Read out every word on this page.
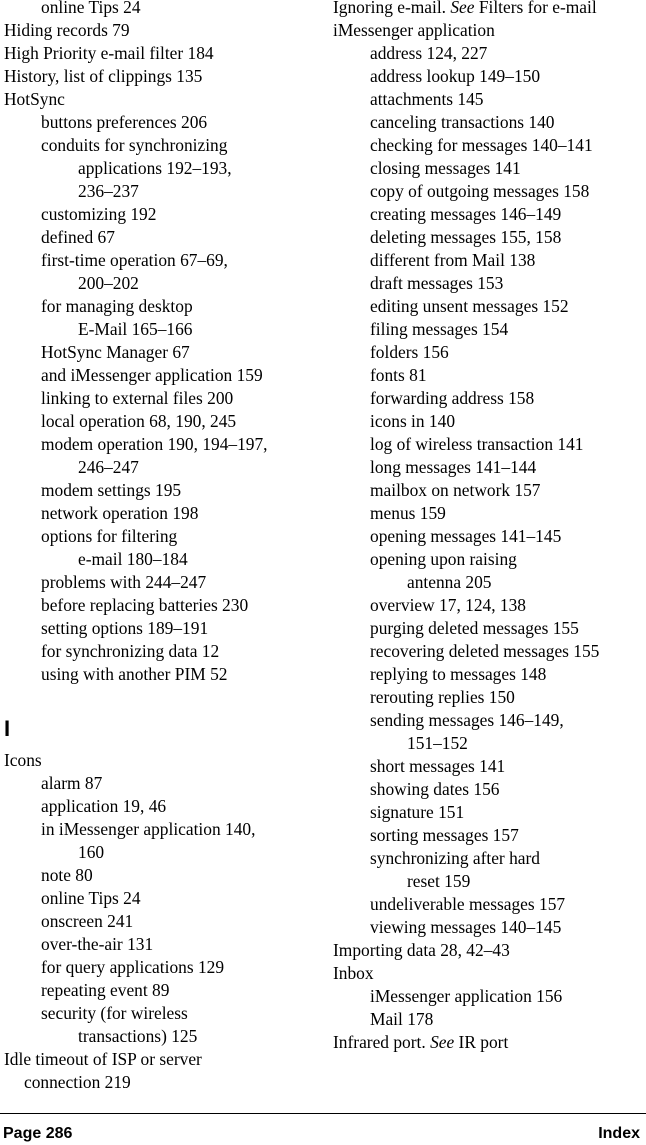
online Tips 24
Hiding records 79
High Priority e-mail filter 184
History, list of clippings 135
HotSync
buttons preferences 206
conduits for synchronizing
applications 192–193,
236–237
customizing 192
defined 67
first-time operation 67–69,
200–202
for managing desktop
E-Mail 165–166
HotSync Manager 67
and iMessenger application 159
linking to external files 200
local operation 68, 190, 245
modem operation 190, 194–197,
246–247
modem settings 195
network operation 198
options for filtering
e-mail 180–184
problems with 244–247
before replacing batteries 230
setting options 189–191
for synchronizing data 12
using with another PIM 52
I
Icons
alarm 87
application 19, 46
in iMessenger application 140,
160
note 80
online Tips 24
onscreen 241
over-the-air 131
for query applications 129
repeating event 89
security (for wireless
transactions) 125
Idle timeout of ISP or server
connection 219
Ignoring e-mail. See Filters for e-mail
iMessenger application
address 124, 227
address lookup 149–150
attachments 145
canceling transactions 140
checking for messages 140–141
closing messages 141
copy of outgoing messages 158
creating messages 146–149
deleting messages 155, 158
different from Mail 138
draft messages 153
editing unsent messages 152
filing messages 154
folders 156
fonts 81
forwarding address 158
icons in 140
log of wireless transaction 141
long messages 141–144
mailbox on network 157
menus 159
opening messages 141–145
opening upon raising
antenna 205
overview 17, 124, 138
purging deleted messages 155
recovering deleted messages 155
replying to messages 148
rerouting replies 150
sending messages 146–149,
151–152
short messages 141
showing dates 156
signature 151
sorting messages 157
synchronizing after hard
reset 159
undeliverable messages 157
viewing messages 140–145
Importing data 28, 42–43
Inbox
iMessenger application 156
Mail 178
Infrared port. See IR port
Page 286	Index
